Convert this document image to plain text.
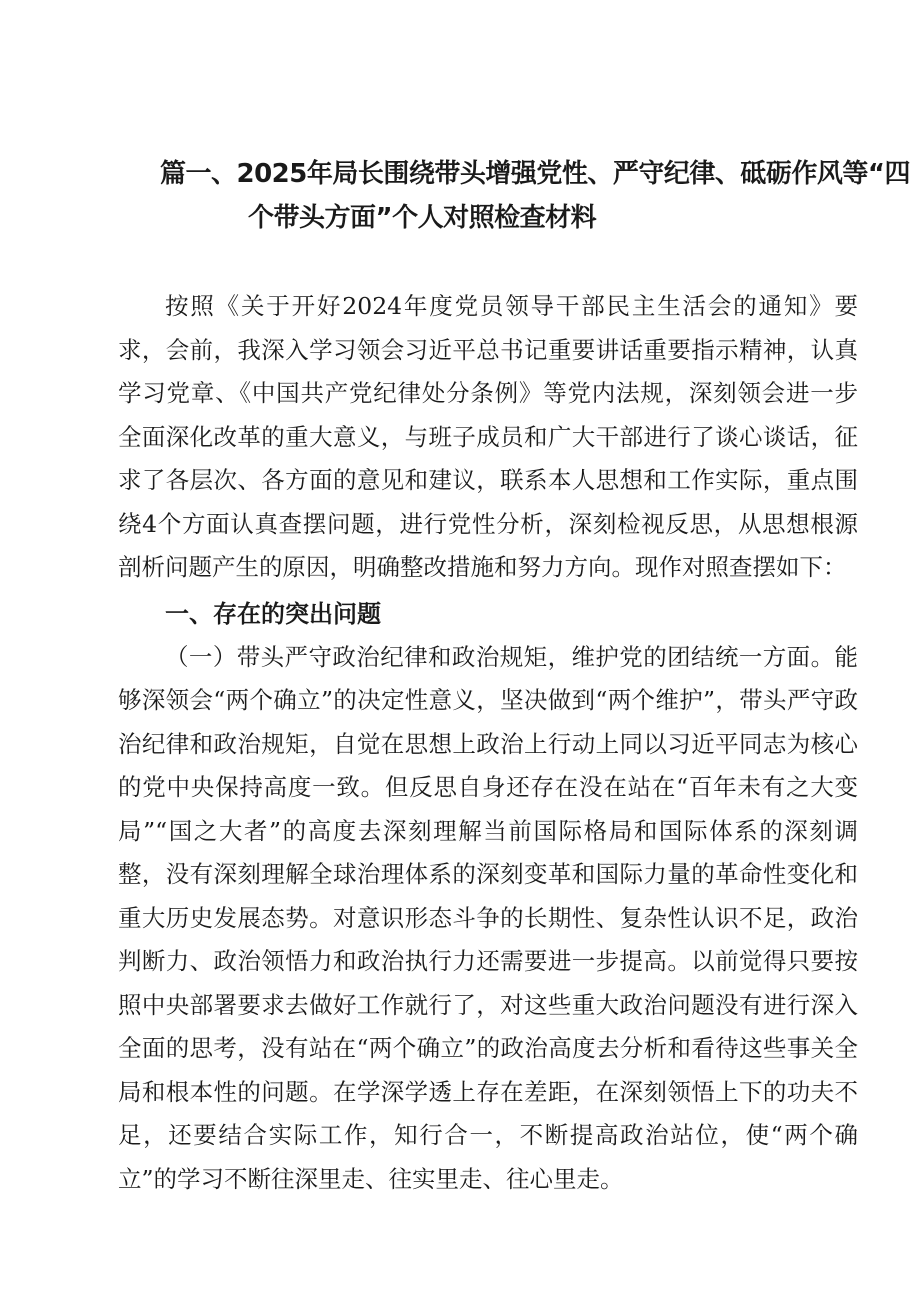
篇一、2025年局长围绕带头增强党性、严守纪律、砥砺作风等“四
个带头方面”个人对照检查材料

按照《关于开好2024年度党员领导干部民主生活会的通知》要求，会前，我深入学习领会习近平总书记重要讲话重要指示精神，认真学习党章、《中国共产党纪律处分条例》等党内法规，深刻领会进一步全面深化改革的重大意义，与班子成员和广大干部进行了谈心谈话，征求了各层次、各方面的意见和建议，联系本人思想和工作实际，重点围绕4个方面认真查摆问题，进行党性分析，深刻检视反思，从思想根源剖析问题产生的原因，明确整改措施和努力方向。现作对照查摆如下：

一、存在的突出问题

（一）带头严守政治纪律和政治规矩，维护党的团结统一方面。能够深领会“两个确立”的决定性意义，坚决做到“两个维护”，带头严守政治纪律和政治规矩，自觉在思想上政治上行动上同以习近平同志为核心的党中央保持高度一致。但反思自身还存在没在站在“百年未有之大变局”“国之大者”的高度去深刻理解当前国际格局和国际体系的深刻调整，没有深刻理解全球治理体系的深刻变革和国际力量的革命性变化和重大历史发展态势。对意识形态斗争的长期性、复杂性认识不足，政治判断力、政治领悟力和政治执行力还需要进一步提高。以前觉得只要按照中央部署要求去做好工作就行了，对这些重大政治问题没有进行深入全面的思考，没有站在“两个确立”的政治高度去分析和看待这些事关全局和根本性的问题。在学深学透上存在差距，在深刻领悟上下的功夫不足，还要结合实际工作，知行合一，不断提高政治站位，使“两个确立”的学习不断往深里走、往实里走、往心里走。
